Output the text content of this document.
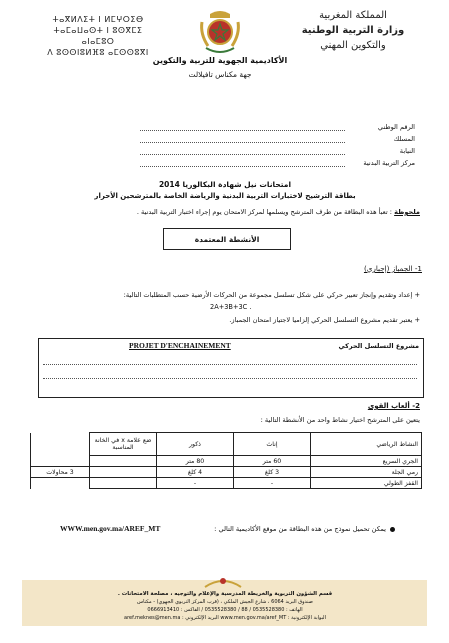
ⵜⴰⴳⵍⴷⵉⵜ ⵏ ⵍⵎⵖⵔⵉⴱ
ⵜⴰⵎⴰⵡⴰⵙⵜ ⵏ ⵓⵙⴳⵎⵉ ⴰⵏⴰⵎⵓⵔ
ⴷ ⵓⵙⵙⵏⵓⵍⴼⵓ ⴰⵎⵙⵙⵓⴳⵏ
المملكة المغربية
وزارة التربية الوطنية
والتكوين المهني
الأكاديمية الجهوية للتربية والتكوين
جهة مكناس تافيلالت
الرقم الوطني
المسلك
النيابة
مركز التربية البدنية
امتحانات نيل شهادة البكالوريا 2014
بطاقة الترشيح لاختبارات التربية البدنية والرياضة الخاصة بالمترشحين الأحرار
ملحوظة : تعبأ هذه البطاقة من طرف المترشح ويسلمها لمركز الامتحان يوم إجراء اختبار التربية البدنية .
الأنشطة المعتمدة
1- الجمباز (إجباري)
+ إعداد وتقديم وإنجاز تعبير حركي على شكل تسلسل مجموعة من الحركات الأرضية حسب المتطلبات التالية:
2A+3B+3C .
+ يعتبر تقديم مشروع التسلسل الحركي إلزاميا لاجتياز امتحان الجمباز.
PROJET D'ENCHAINEMENT	مشروع التسلسل الحركي
2- ألعاب القوى
يتعين على المترشح اختيار نشاط واحد من الأنشطة التالية :
النشاط الرياضي	إناث	ذكور	ضع علامة x في الخانة المناسبة	
الجري السريع	60 متر	80 متر		
رمي الجلة	3 كلغ	4 كلغ		3 محاولات
القفز الطولي	-	-		
WWW.men.gov.ma/AREF_MT	يمكن تحميل نموذج من هذه البطاقة من موقع الأكاديمية التالي :
قسم الشؤون التربوية والخريطة المدرسية والإعلام والتوجيه ، مصلحة الامتحانات .
صندوق البريد 6064 ، شارع الجيش الملكي ، (قرب المركز التربوي الجهوي) - مكناس
الهاتف : 0535528380 / 88 / 0535528380 / الفاكس : 0666913410
البوابة الإلكترونية : www.men.gov.ma/aref_MT البريد الإلكتروني : aref.meknes@men.ma
